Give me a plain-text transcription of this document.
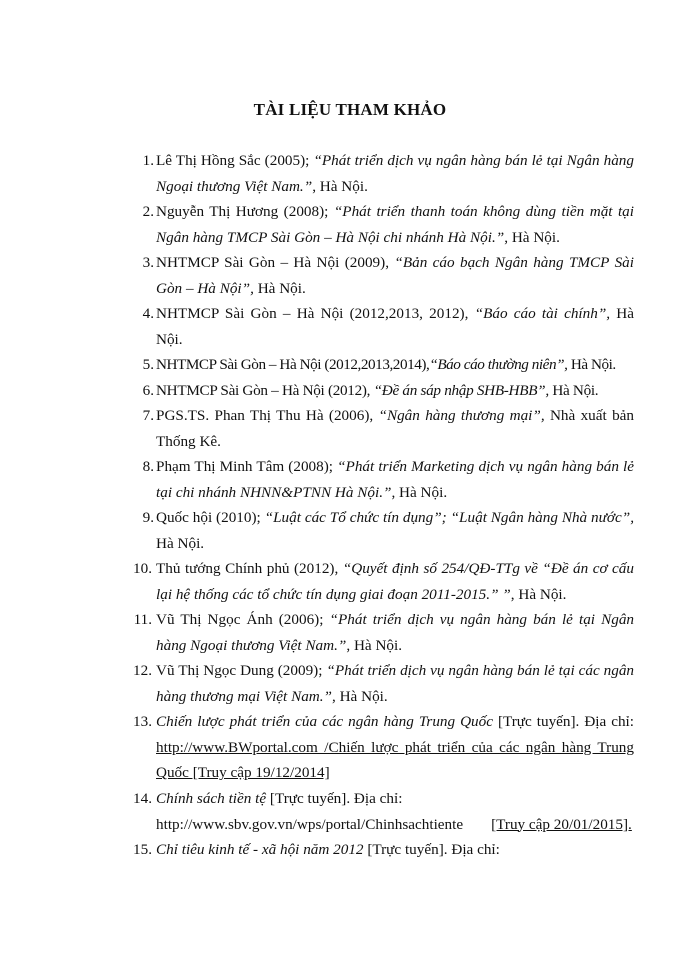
TÀI LIỆU THAM KHẢO
1. Lê Thị Hồng Sắc (2005); “Phát triển dịch vụ ngân hàng bán lẻ tại Ngân hàng Ngoại thương Việt Nam.”, Hà Nội.
2. Nguyễn Thị Hương (2008); “Phát triển thanh toán không dùng tiền mặt tại Ngân hàng TMCP Sài Gòn – Hà Nội chi nhánh Hà Nội.”, Hà Nội.
3. NHTMCP Sài Gòn – Hà Nội (2009), “Bản cáo bạch Ngân hàng TMCP Sài Gòn – Hà Nội”, Hà Nội.
4. NHTMCP Sài Gòn – Hà Nội (2012,2013, 2012), “Báo cáo tài chính”, Hà Nội.
5. NHTMCP Sài Gòn – Hà Nội (2012,2013,2014),“Báo cáo thường niên”, Hà Nội.
6. NHTMCP Sài Gòn – Hà Nội (2012), “Đề án sáp nhập SHB-HBB”, Hà Nội.
7. PGS.TS. Phan Thị Thu Hà (2006), “Ngân hàng thương mại”, Nhà xuất bản Thống Kê.
8. Phạm Thị Minh Tâm (2008); “Phát triển Marketing dịch vụ ngân hàng bán lẻ tại chi nhánh NHNN&PTNN Hà Nội.”, Hà Nội.
9. Quốc hội (2010); “Luật các Tổ chức tín dụng”; “Luật Ngân hàng Nhà nước”, Hà Nội.
10. Thủ tướng Chính phủ (2012), “Quyết định số 254/QĐ-TTg về “Đề án cơ cấu lại hệ thống các tổ chức tín dụng giai đoạn 2011-2015.” ”, Hà Nội.
11. Vũ Thị Ngọc Ánh (2006); “Phát triển dịch vụ ngân hàng bán lẻ tại Ngân hàng Ngoại thương Việt Nam.”, Hà Nội.
12. Vũ Thị Ngọc Dung (2009); “Phát triển dịch vụ ngân hàng bán lẻ tại các ngân hàng thương mại Việt Nam.”, Hà Nội.
13. Chiến lược phát triển của các ngân hàng Trung Quốc [Trực tuyến]. Địa chỉ: http://www.BWportal.com /Chiến lược phát triển của các ngân hàng Trung Quốc [Truy cập 19/12/2014]
14. Chính sách tiền tệ [Trực tuyến]. Địa chỉ:
http://www.sbv.gov.vn/wps/portal/Chinhsachtiente [Truy cập 20/01/2015].
15. Chỉ tiêu kinh tế - xã hội năm 2012 [Trực tuyến]. Địa chỉ:
